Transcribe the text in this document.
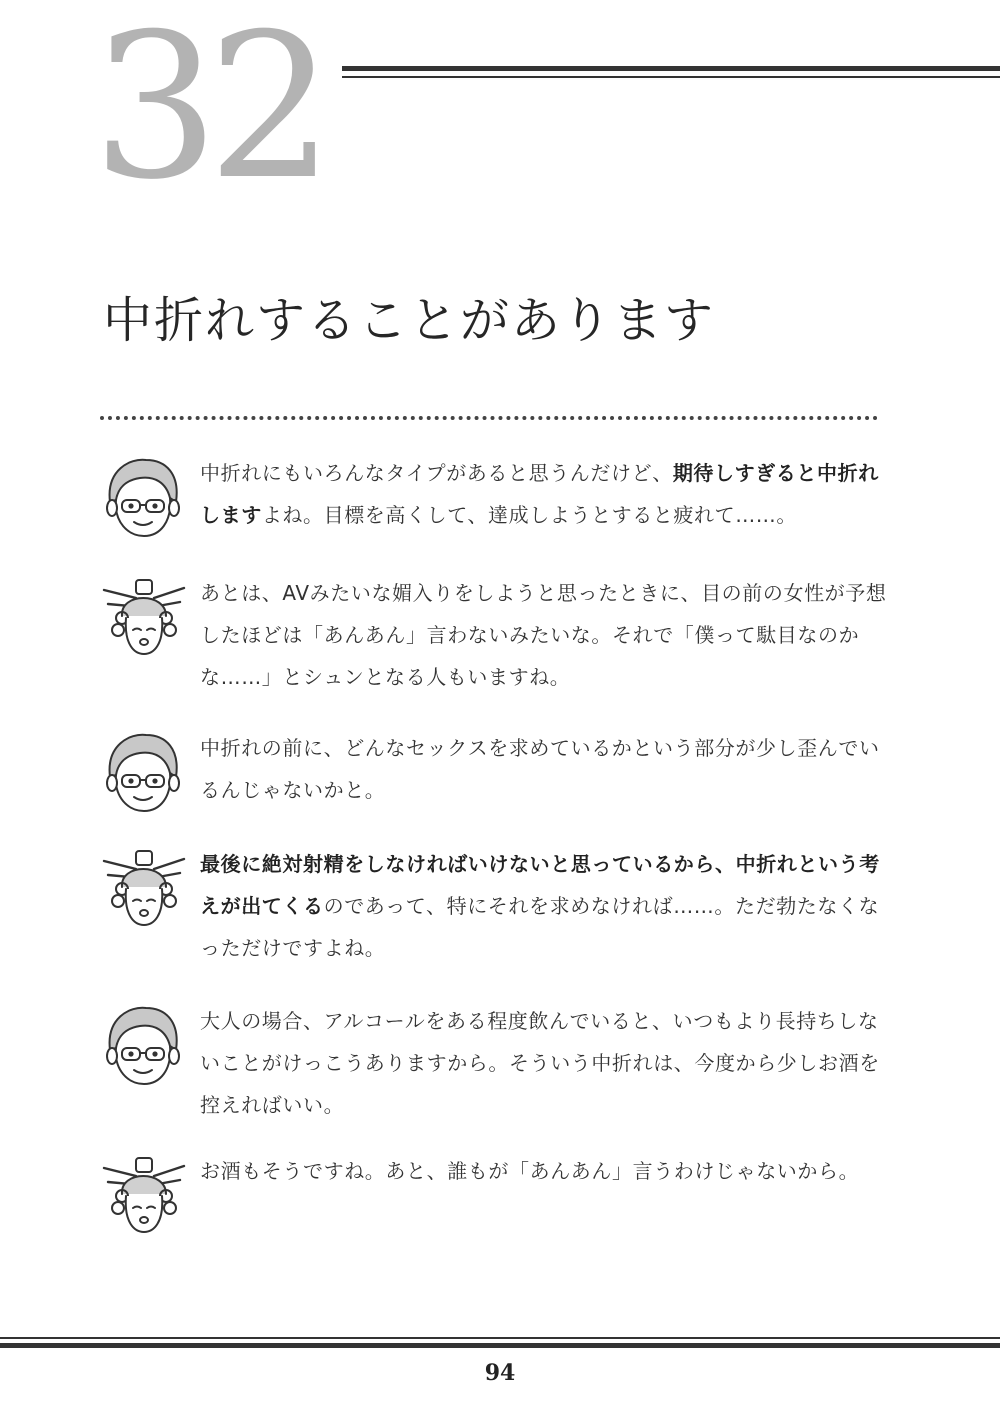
32
中折れすることがあります
中折れにもいろんなタイプがあると思うんだけど、期待しすぎると中折れしますよね。目標を高くして、達成しようとすると疲れて……。
あとは、AVみたいな媚入りをしようと思ったときに、目の前の女性が予想したほどは「あんあん」言わないみたいな。それで「僕って駄目なのかな……」とシュンとなる人もいますね。
中折れの前に、どんなセックスを求めているかという部分が少し歪んでいるんじゃないかと。
最後に絶対射精をしなければいけないと思っているから、中折れという考えが出てくるのであって、特にそれを求めなければ……。ただ勃たなくなっただけですよね。
大人の場合、アルコールをある程度飲んでいると、いつもより長持ちしないことがけっこうありますから。そういう中折れは、今度から少しお酒を控えればいい。
お酒もそうですね。あと、誰もが「あんあん」言うわけじゃないから。
94
